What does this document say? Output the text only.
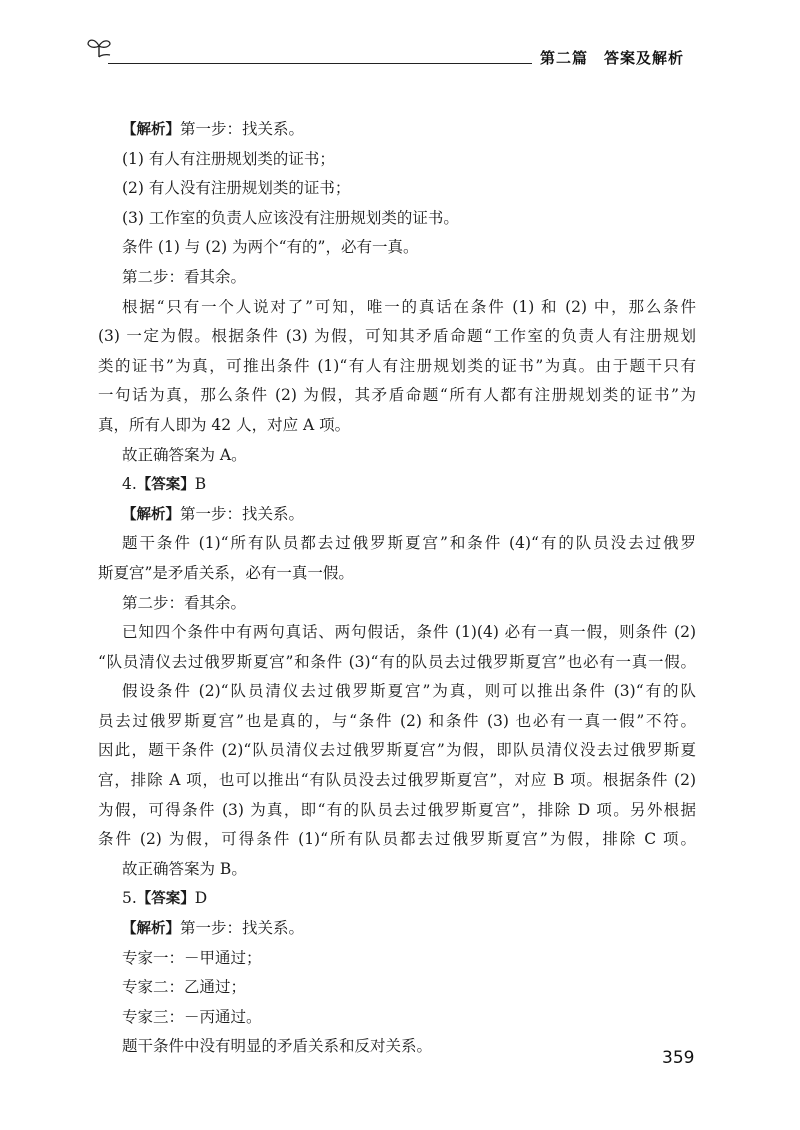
第二篇　答案及解析
【解析】第一步：找关系。
(1) 有人有注册规划类的证书；
(2) 有人没有注册规划类的证书；
(3) 工作室的负责人应该没有注册规划类的证书。
条件 (1) 与 (2) 为两个“有的”，必有一真。
第二步：看其余。
根据“只有一个人说对了”可知，唯一的真话在条件 (1) 和 (2) 中，那么条件
(3) 一定为假。根据条件 (3) 为假，可知其矛盾命题“工作室的负责人有注册规划
类的证书”为真，可推出条件 (1)“有人有注册规划类的证书”为真。由于题干只有
一句话为真，那么条件 (2) 为假，其矛盾命题“所有人都有注册规划类的证书”为
真，所有人即为 42 人，对应 A 项。
故正确答案为 A。
4.【答案】B
【解析】第一步：找关系。
题干条件 (1)“所有队员都去过俄罗斯夏宫”和条件 (4)“有的队员没去过俄罗
斯夏宫”是矛盾关系，必有一真一假。
第二步：看其余。
已知四个条件中有两句真话、两句假话，条件 (1)(4) 必有一真一假，则条件 (2)
“队员清仪去过俄罗斯夏宫”和条件 (3)“有的队员去过俄罗斯夏宫”也必有一真一假。
假设条件 (2)“队员清仪去过俄罗斯夏宫”为真，则可以推出条件 (3)“有的队
员去过俄罗斯夏宫”也是真的，与“条件 (2) 和条件 (3) 也必有一真一假”不符。
因此，题干条件 (2)“队员清仪去过俄罗斯夏宫”为假，即队员清仪没去过俄罗斯夏
宫，排除 A 项，也可以推出“有队员没去过俄罗斯夏宫”，对应 B 项。根据条件 (2)
为假，可得条件 (3) 为真，即“有的队员去过俄罗斯夏宫”，排除 D 项。另外根据
条件 (2) 为假，可得条件 (1)“所有队员都去过俄罗斯夏宫”为假，排除 C 项。
故正确答案为 B。
5.【答案】D
【解析】第一步：找关系。
专家一：－甲通过；
专家二：乙通过；
专家三：－丙通过。
题干条件中没有明显的矛盾关系和反对关系。
359
